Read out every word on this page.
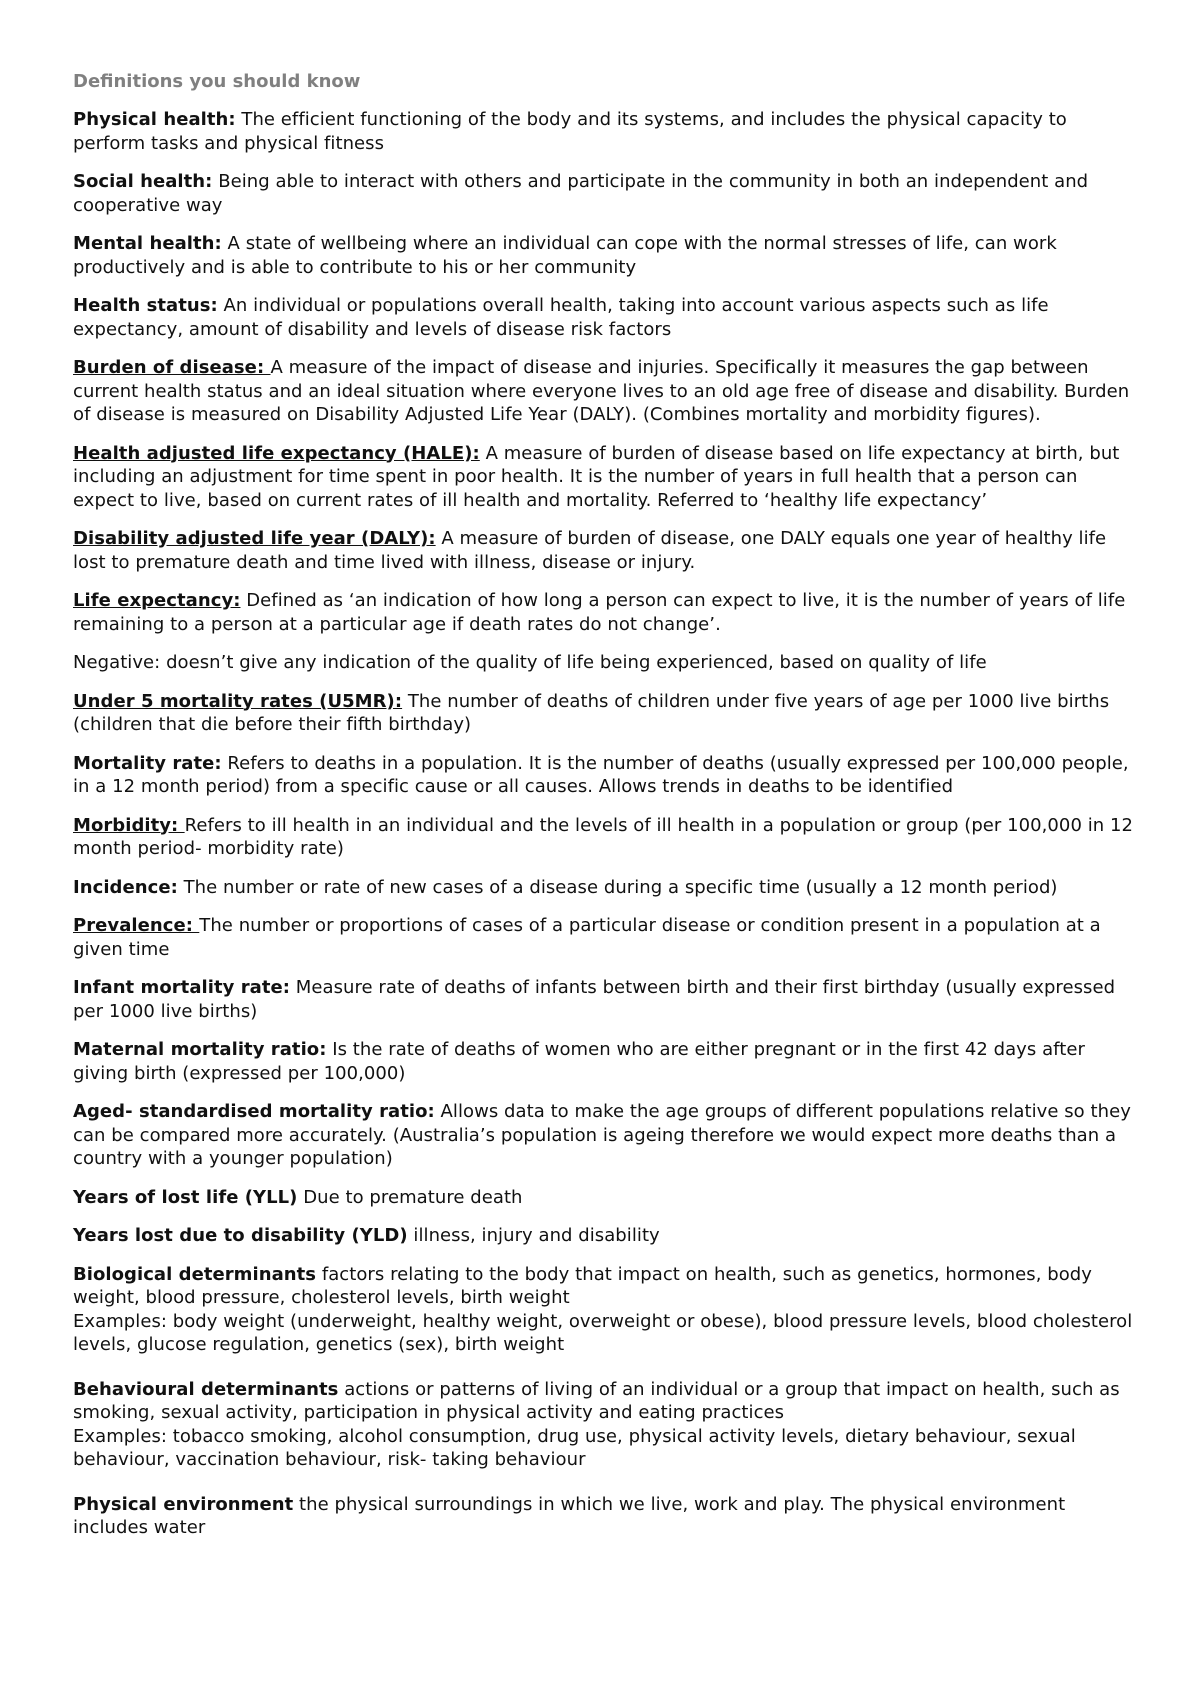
Definitions you should know

Physical health: The efficient functioning of the body and its systems, and includes the physical capacity to perform tasks and physical fitness

Social health: Being able to interact with others and participate in the community in both an independent and cooperative way

Mental health: A state of wellbeing where an individual can cope with the normal stresses of life, can work productively and is able to contribute to his or her community

Health status: An individual or populations overall health, taking into account various aspects such as life expectancy, amount of disability and levels of disease risk factors

Burden of disease: A measure of the impact of disease and injuries. Specifically it measures the gap between current health status and an ideal situation where everyone lives to an old age free of disease and disability. Burden of disease is measured on Disability Adjusted Life Year (DALY). (Combines mortality and morbidity figures).

Health adjusted life expectancy (HALE): A measure of burden of disease based on life expectancy at birth, but including an adjustment for time spent in poor health. It is the number of years in full health that a person can expect to live, based on current rates of ill health and mortality. Referred to ‘healthy life expectancy’

Disability adjusted life year (DALY): A measure of burden of disease, one DALY equals one year of healthy life lost to premature death and time lived with illness, disease or injury.

Life expectancy: Defined as ‘an indication of how long a person can expect to live, it is the number of years of life remaining to a person at a particular age if death rates do not change’.

Negative: doesn’t give any indication of the quality of life being experienced, based on quality of life

Under 5 mortality rates (U5MR): The number of deaths of children under five years of age per 1000 live births (children that die before their fifth birthday)

Mortality rate: Refers to deaths in a population. It is the number of deaths (usually expressed per 100,000 people, in a 12 month period) from a specific cause or all causes. Allows trends in deaths to be identified

Morbidity: Refers to ill health in an individual and the levels of ill health in a population or group (per 100,000 in 12 month period- morbidity rate)

Incidence: The number or rate of new cases of a disease during a specific time (usually a 12 month period)

Prevalence: The number or proportions of cases of a particular disease or condition present in a population at a given time

Infant mortality rate: Measure rate of deaths of infants between birth and their first birthday (usually expressed per 1000 live births)

Maternal mortality ratio: Is the rate of deaths of women who are either pregnant or in the first 42 days after giving birth (expressed per 100,000)

Aged- standardised mortality ratio: Allows data to make the age groups of different populations relative so they can be compared more accurately. (Australia’s population is ageing therefore we would expect more deaths than a country with a younger population)

Years of lost life (YLL) Due to premature death

Years lost due to disability (YLD) illness, injury and disability

Biological determinants factors relating to the body that impact on health, such as genetics, hormones, body weight, blood pressure, cholesterol levels, birth weight
Examples: body weight (underweight, healthy weight, overweight or obese), blood pressure levels, blood cholesterol levels, glucose regulation, genetics (sex), birth weight

Behavioural determinants actions or patterns of living of an individual or a group that impact on health, such as smoking, sexual activity, participation in physical activity and eating practices
Examples: tobacco smoking, alcohol consumption, drug use, physical activity levels, dietary behaviour, sexual behaviour, vaccination behaviour, risk- taking behaviour

Physical environment the physical surroundings in which we live, work and play. The physical environment includes water
